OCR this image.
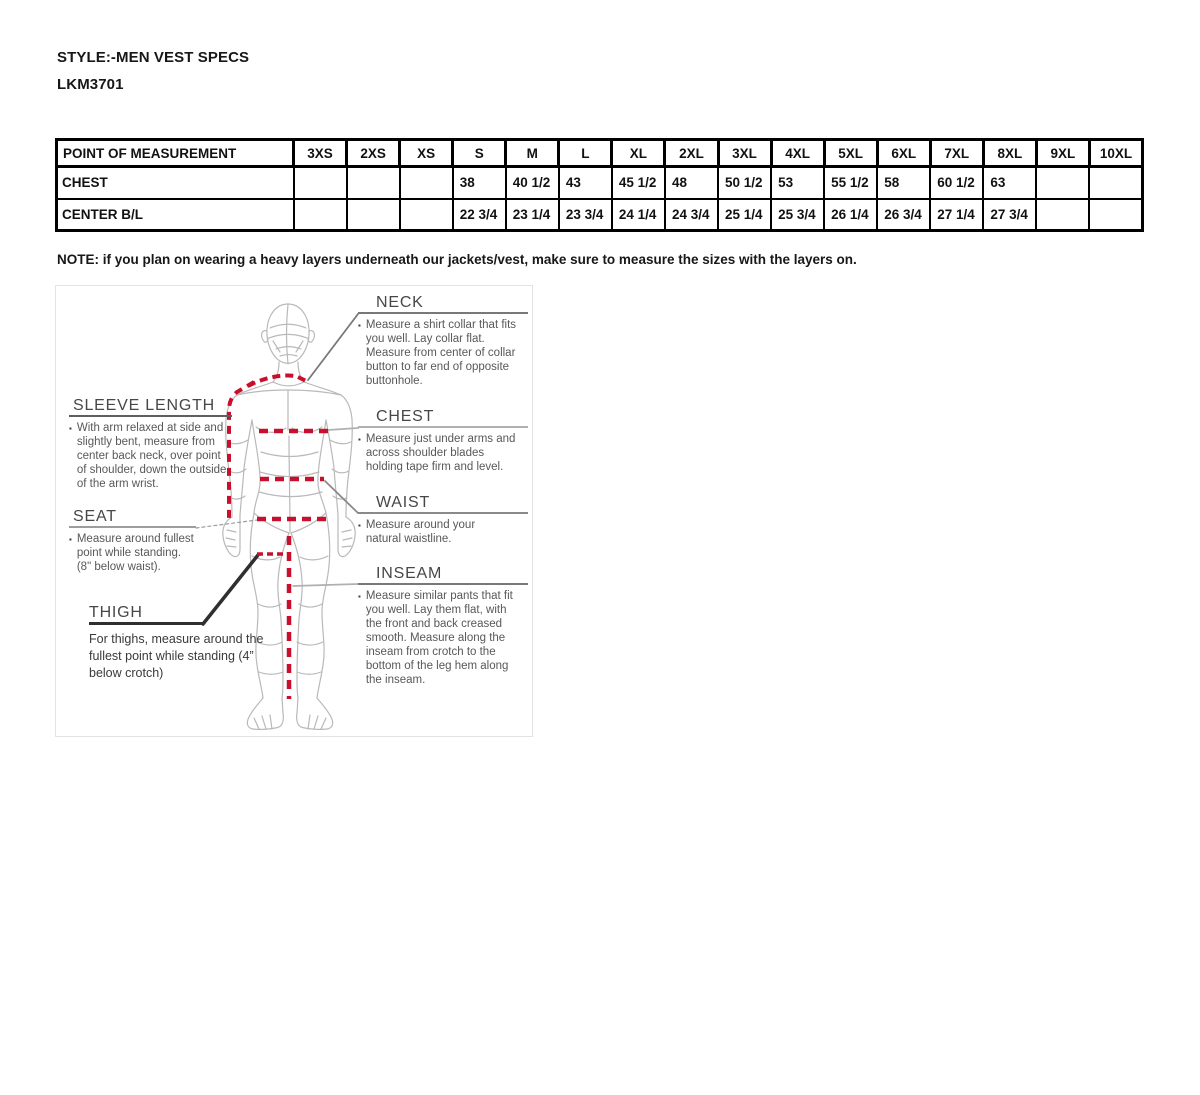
STYLE:-MEN VEST SPECS
LKM3701
POINT OF MEASUREMENT	3XS	2XS	XS	S	M	L	XL	2XL	3XL	4XL	5XL	6XL	7XL	8XL	9XL	10XL
CHEST				38	40 1/2	43	45 1/2	48	50 1/2	53	55 1/2	58	60 1/2	63		
CENTER B/L				22 3/4	23 1/4	23 3/4	24 1/4	24 3/4	25 1/4	25 3/4	26 1/4	26 3/4	27 1/4	27 3/4		
NOTE: if you plan on wearing a heavy layers underneath our jackets/vest, make sure to measure the sizes with the layers on.
NECK
▪ Measure a shirt collar that fits you well. Lay collar flat. Measure from center of collar button to far end of opposite buttonhole.
CHEST
▪ Measure just under arms and across shoulder blades holding tape firm and level.
WAIST
▪ Measure around your natural waistline.
INSEAM
▪ Measure similar pants that fit you well. Lay them flat, with the front and back creased smooth. Measure along the inseam from crotch to the bottom of the leg hem along the inseam.
SLEEVE LENGTH
▪ With arm relaxed at side and slightly bent, measure from center back neck, over point of shoulder, down the outside of the arm wrist.
SEAT
▪ Measure around fullest point while standing. (8" below waist).
THIGH
For thighs, measure around the fullest point while standing (4” below crotch)
